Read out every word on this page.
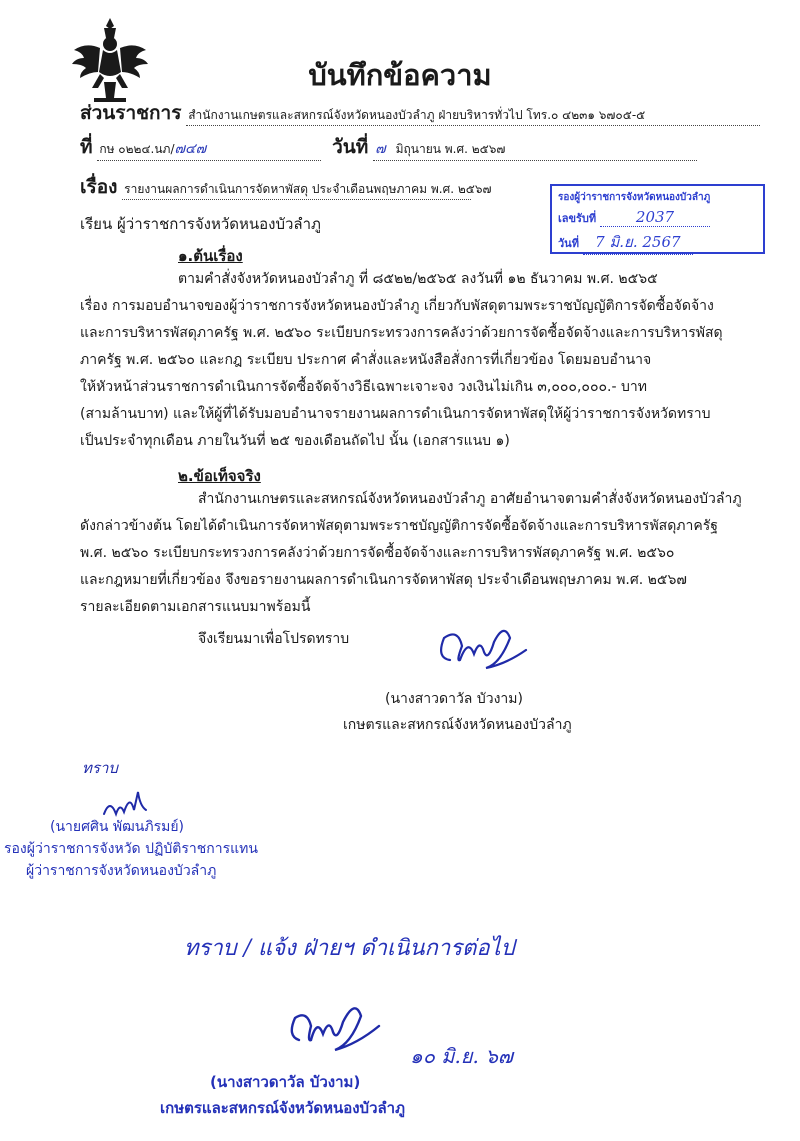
บันทึกข้อความ
ส่วนราชการ สำนักงานเกษตรและสหกรณ์จังหวัดหนองบัวลำภู ฝ่ายบริหารทั่วไป โทร.๐ ๔๒๓๑ ๖๗๐๕-๕
ที่ กษ ๐๒๒๔.นภ/๗๔๗	วันที่ ๗ มิถุนายน พ.ศ. ๒๕๖๗
เรื่อง รายงานผลการดำเนินการจัดหาพัสดุ ประจำเดือนพฤษภาคม พ.ศ. ๒๕๖๗
รองผู้ว่าราชการจังหวัดหนองบัวลำภู
เลขรับที่	2037
วันที่ 7 มิ.ย. 2567
เรียน ผู้ว่าราชการจังหวัดหนองบัวลำภู
๑.ต้นเรื่อง
ตามคำสั่งจังหวัดหนองบัวลำภู ที่ ๘๕๒๒/๒๕๖๕ ลงวันที่ ๑๒ ธันวาคม พ.ศ. ๒๕๖๕
เรื่อง การมอบอำนาจของผู้ว่าราชการจังหวัดหนองบัวลำภู เกี่ยวกับพัสดุตามพระราชบัญญัติการจัดซื้อจัดจ้าง
และการบริหารพัสดุภาครัฐ พ.ศ. ๒๕๖๐ ระเบียบกระทรวงการคลังว่าด้วยการจัดซื้อจัดจ้างและการบริหารพัสดุ
ภาครัฐ พ.ศ. ๒๕๖๐ และกฎ ระเบียบ ประกาศ คำสั่งและหนังสือสั่งการที่เกี่ยวข้อง โดยมอบอำนาจ
ให้หัวหน้าส่วนราชการดำเนินการจัดซื้อจัดจ้างวิธีเฉพาะเจาะจง วงเงินไม่เกิน ๓,๐๐๐,๐๐๐.- บาท
(สามล้านบาท) และให้ผู้ที่ได้รับมอบอำนาจรายงานผลการดำเนินการจัดหาพัสดุให้ผู้ว่าราชการจังหวัดทราบ
เป็นประจำทุกเดือน ภายในวันที่ ๒๕ ของเดือนถัดไป นั้น (เอกสารแนบ ๑)
๒.ข้อเท็จจริง
สำนักงานเกษตรและสหกรณ์จังหวัดหนองบัวลำภู อาศัยอำนาจตามคำสั่งจังหวัดหนองบัวลำภู
ดังกล่าวข้างต้น โดยได้ดำเนินการจัดหาพัสดุตามพระราชบัญญัติการจัดซื้อจัดจ้างและการบริหารพัสดุภาครัฐ
พ.ศ. ๒๕๖๐ ระเบียบกระทรวงการคลังว่าด้วยการจัดซื้อจัดจ้างและการบริหารพัสดุภาครัฐ พ.ศ. ๒๕๖๐
และกฎหมายที่เกี่ยวข้อง จึงขอรายงานผลการดำเนินการจัดหาพัสดุ ประจำเดือนพฤษภาคม พ.ศ. ๒๕๖๗
รายละเอียดตามเอกสารแนบมาพร้อมนี้
จึงเรียนมาเพื่อโปรดทราบ
(นางสาวดาวัล บัวงาม)
เกษตรและสหกรณ์จังหวัดหนองบัวลำภู
ทราบ
(นายศศิน พัฒนภิรมย์)
รองผู้ว่าราชการจังหวัด ปฏิบัติราชการแทน
ผู้ว่าราชการจังหวัดหนองบัวลำภู
ทราบ / แจ้ง ฝ่ายฯ ดำเนินการต่อไป
๑๐ มิ.ย. ๖๗
(นางสาวดาวัล บัวงาม)
เกษตรและสหกรณ์จังหวัดหนองบัวลำภู
